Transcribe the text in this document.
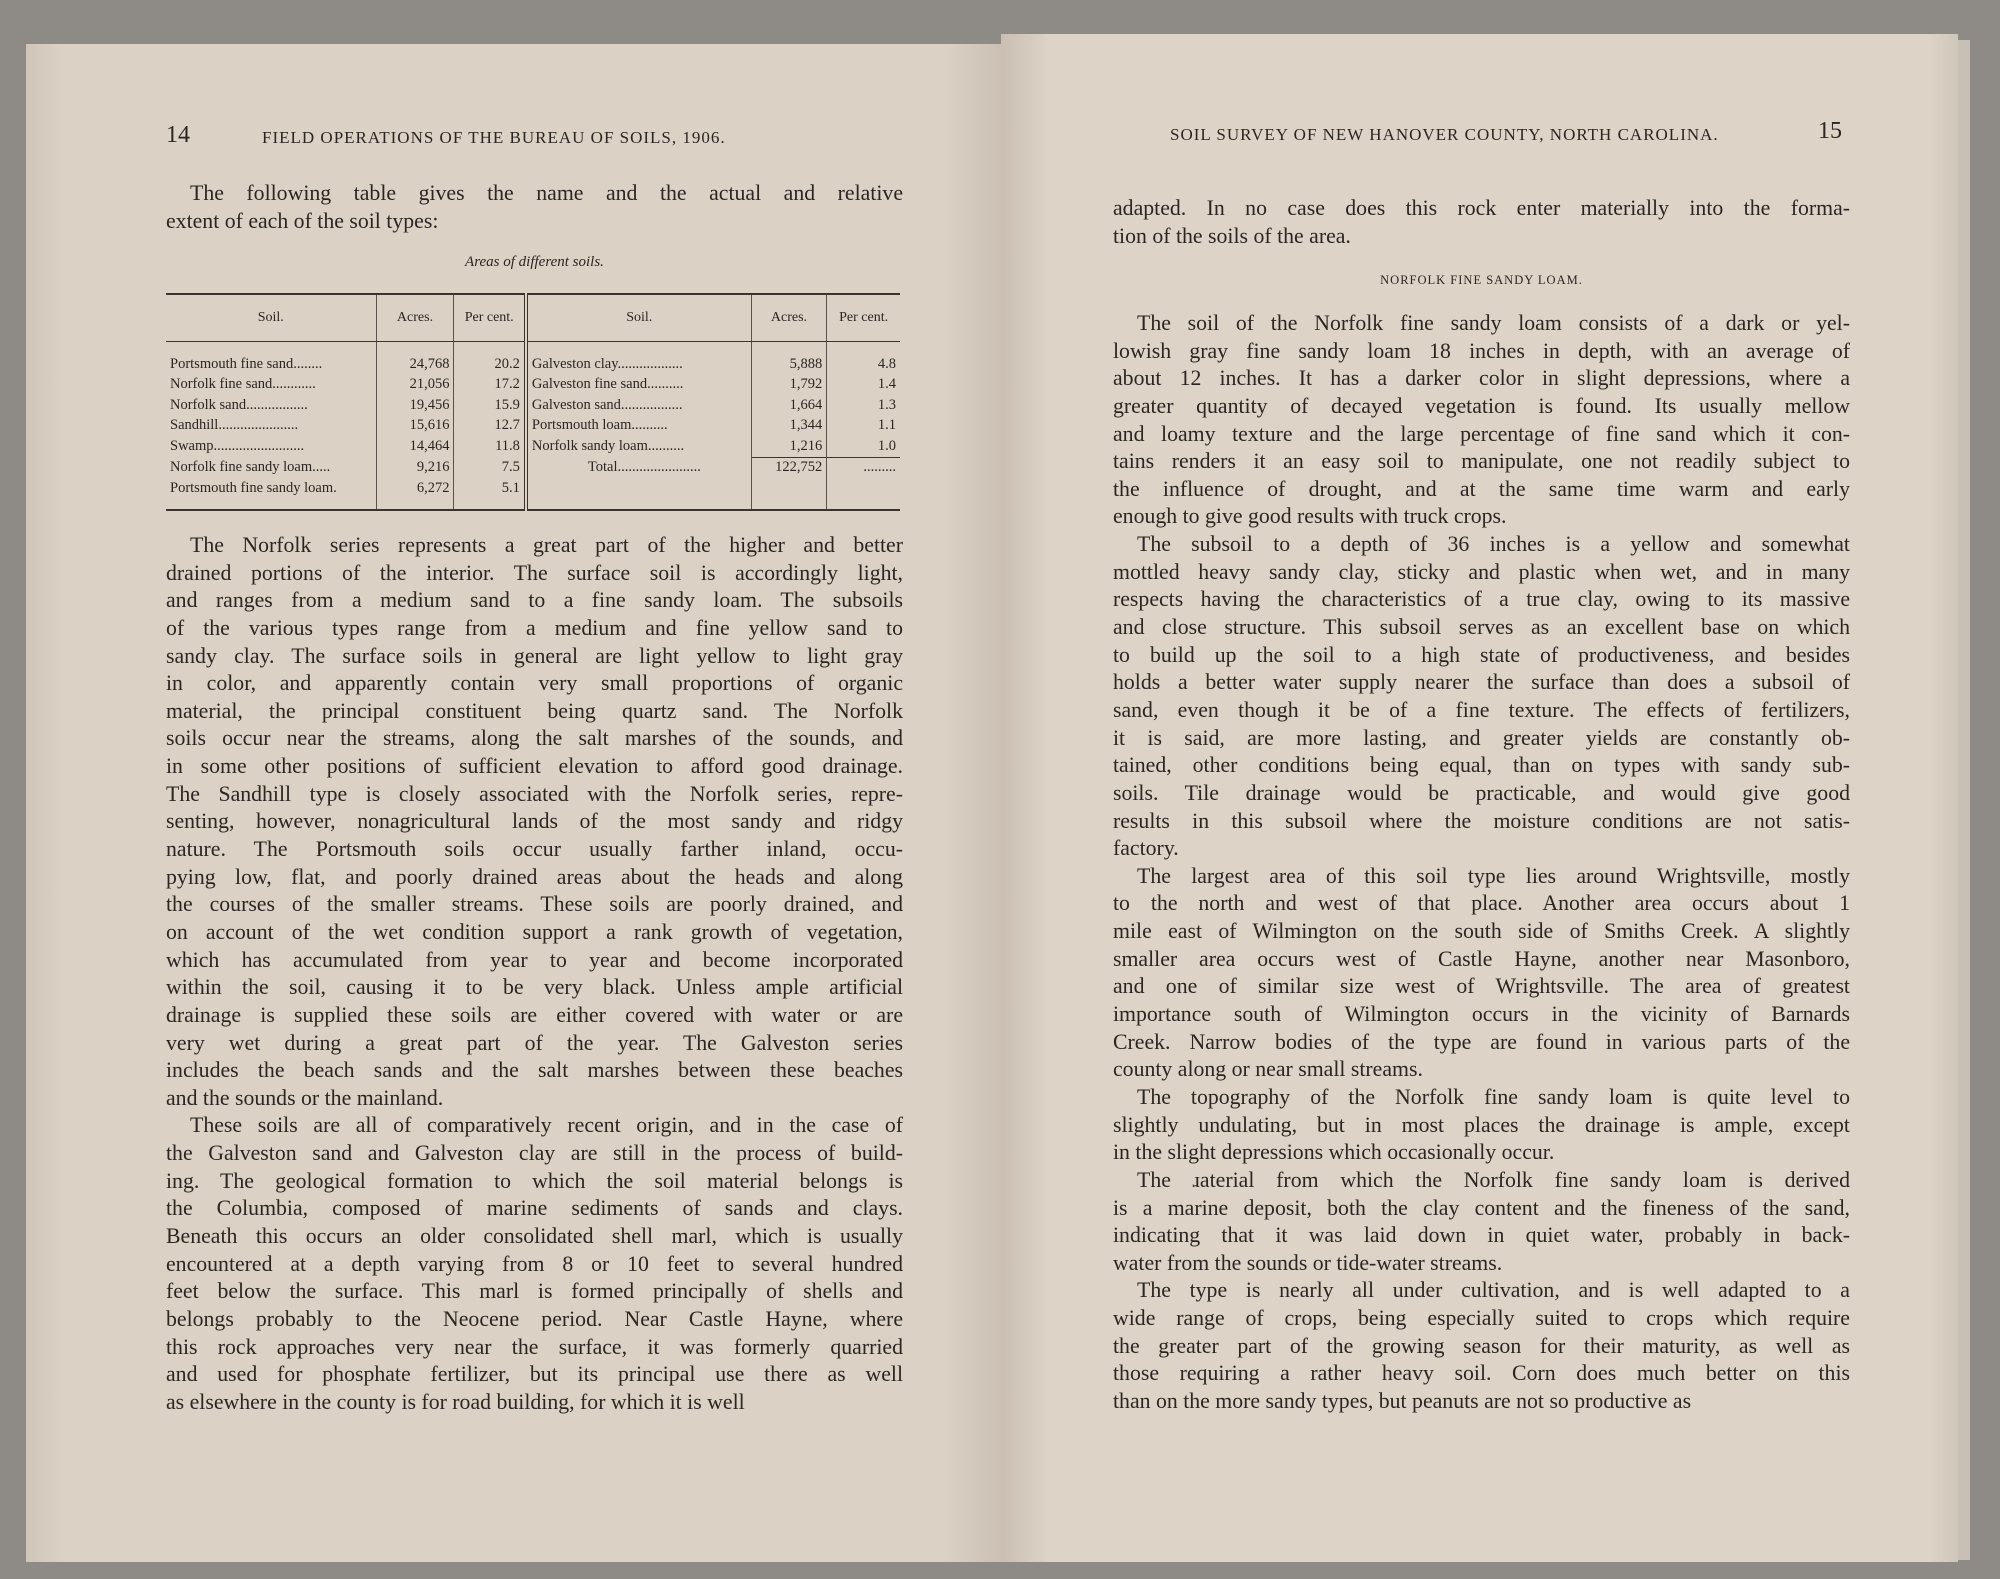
14	FIELD OPERATIONS OF THE BUREAU OF SOILS, 1906.
The following table gives the name and the actual and relative
extent of each of the soil types:
Areas of different soils.
Soil.	Acres.	Per cent.	Soil.	Acres.	Per cent.
Portsmouth fine sand........	24,768	20.2	Galveston clay..................	5,888	4.8
Norfolk fine sand............	21,056	17.2	Galveston fine sand..........	1,792	1.4
Norfolk sand.................	19,456	15.9	Galveston sand.................	1,664	1.3
Sandhill......................	15,616	12.7	Portsmouth loam..........	1,344	1.1
Swamp.........................	14,464	11.8	Norfolk sandy loam..........	1,216	1.0
Norfolk fine sandy loam.....	9,216	7.5	Total.......................	122,752	.........
Portsmouth fine sandy loam.	6,272	5.1			
The Norfolk series represents a great part of the higher and better
drained portions of the interior. The surface soil is accordingly light,
and ranges from a medium sand to a fine sandy loam. The subsoils
of the various types range from a medium and fine yellow sand to
sandy clay. The surface soils in general are light yellow to light gray
in color, and apparently contain very small proportions of organic
material, the principal constituent being quartz sand. The Norfolk
soils occur near the streams, along the salt marshes of the sounds, and
in some other positions of sufficient elevation to afford good drainage.
The Sandhill type is closely associated with the Norfolk series, repre-
senting, however, nonagricultural lands of the most sandy and ridgy
nature. The Portsmouth soils occur usually farther inland, occu-
pying low, flat, and poorly drained areas about the heads and along
the courses of the smaller streams. These soils are poorly drained, and
on account of the wet condition support a rank growth of vegetation,
which has accumulated from year to year and become incorporated
within the soil, causing it to be very black. Unless ample artificial
drainage is supplied these soils are either covered with water or are
very wet during a great part of the year. The Galveston series
includes the beach sands and the salt marshes between these beaches
and the sounds or the mainland.
These soils are all of comparatively recent origin, and in the case of
the Galveston sand and Galveston clay are still in the process of build-
ing. The geological formation to which the soil material belongs is
the Columbia, composed of marine sediments of sands and clays.
Beneath this occurs an older consolidated shell marl, which is usually
encountered at a depth varying from 8 or 10 feet to several hundred
feet below the surface. This marl is formed principally of shells and
belongs probably to the Neocene period. Near Castle Hayne, where
this rock approaches very near the surface, it was formerly quarried
and used for phosphate fertilizer, but its principal use there as well
as elsewhere in the county is for road building, for which it is well
SOIL SURVEY OF NEW HANOVER COUNTY, NORTH CAROLINA.	15
adapted. In no case does this rock enter materially into the forma-
tion of the soils of the area.
NORFOLK FINE SANDY LOAM.
The soil of the Norfolk fine sandy loam consists of a dark or yel-
lowish gray fine sandy loam 18 inches in depth, with an average of
about 12 inches. It has a darker color in slight depressions, where a
greater quantity of decayed vegetation is found. Its usually mellow
and loamy texture and the large percentage of fine sand which it con-
tains renders it an easy soil to manipulate, one not readily subject to
the influence of drought, and at the same time warm and early
enough to give good results with truck crops.
The subsoil to a depth of 36 inches is a yellow and somewhat
mottled heavy sandy clay, sticky and plastic when wet, and in many
respects having the characteristics of a true clay, owing to its massive
and close structure. This subsoil serves as an excellent base on which
to build up the soil to a high state of productiveness, and besides
holds a better water supply nearer the surface than does a subsoil of
sand, even though it be of a fine texture. The effects of fertilizers,
it is said, are more lasting, and greater yields are constantly ob-
tained, other conditions being equal, than on types with sandy sub-
soils. Tile drainage would be practicable, and would give good
results in this subsoil where the moisture conditions are not satis-
factory.
The largest area of this soil type lies around Wrightsville, mostly
to the north and west of that place. Another area occurs about 1
mile east of Wilmington on the south side of Smiths Creek. A slightly
smaller area occurs west of Castle Hayne, another near Masonboro,
and one of similar size west of Wrightsville. The area of greatest
importance south of Wilmington occurs in the vicinity of Barnards
Creek. Narrow bodies of the type are found in various parts of the
county along or near small streams.
The topography of the Norfolk fine sandy loam is quite level to
slightly undulating, but in most places the drainage is ample, except
in the slight depressions which occasionally occur.
The ɹaterial from which the Norfolk fine sandy loam is derived
is a marine deposit, both the clay content and the fineness of the sand,
indicating that it was laid down in quiet water, probably in back-
water from the sounds or tide-water streams.
The type is nearly all under cultivation, and is well adapted to a
wide range of crops, being especially suited to crops which require
the greater part of the growing season for their maturity, as well as
those requiring a rather heavy soil. Corn does much better on this
than on the more sandy types, but peanuts are not so productive as
